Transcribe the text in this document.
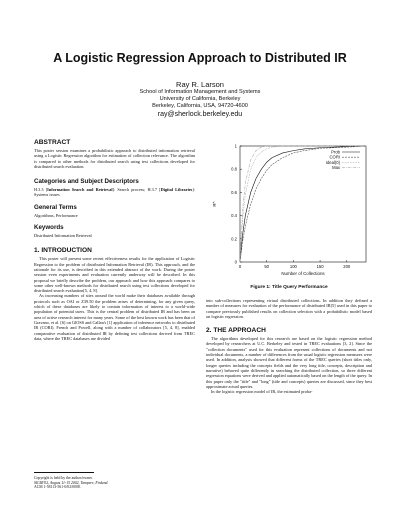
A Logistic Regression Approach to Distributed IR
Ray R. Larson
School of Information Management and Systems
University of California, Berkeley
Berkeley, California, USA, 94720-4600
ray@sherlock.berkeley.edu
ABSTRACT
This poster session examines a probabilistic approach to distributed information retrieval using a Logistic Regression algorithm for estimation of collection relevance. The algorithm is compared to other methods for distributed search using test collections developed for distributed search evaluation.
Categories and Subject Descriptors
H.3.3 [Information Search and Retrieval]: Search process; H.3.7 [Digital Libraries]: Systems issues
General Terms
Algorithms, Performance
Keywords
Distributed Information Retrieval
1. INTRODUCTION
This poster will present some recent effectiveness results for the application of Logistic Regression to the problem of distributed Information Retrieval (IR). This approach, and the rationale for its use, is described in this extended abstract of the work. During the poster session even experiments and evaluation currently underway will be described. In this proposal we briefly describe the problem, our approach and how this approach compares to some other well-known methods for distributed search using test collections developed for distributed search evaluation[5, 4, 8].
As increasing numbers of sites around the world make their databases available through protocols such as OAI or Z39.50 the problem arises of determining, for any given query, which of these databases are likely to contain information of interest to a world-wide population of potential users. This is the central problem of distributed IR and has been an area of active research interest for many years. Some of the best known work has been that of Gravano, et al. [6] on GlOSS and Callan's [1] application of inference networks to distributed IR (CORI). French and Powell, along with a number of collaborators [5, 4, 8], enabled comparative evaluation of distributed IR by defining test collections derived from TREC data, where the TREC databases are divided
Copyright is held by the author/owner.
SIGIR'02, August 11-15 2002, Tampere, Finland.
ACM 1-58113-561-0/02/0008.
0
0.2
0.4
0.6
0.8
1
0	50	100	150	200
Number of Collections
R^
Prob
CORI
Ideal(0)
Max
Figure 1: Title Query Performance
into sub-collections representing virtual distributed collections. In addition they defined a number of measures for evaluation of the performance of distributed IR[5] used in this paper to compare previously published results on collection selection with a probabilistic model based on logistic regression.
2. THE APPROACH
The algorithms developed for this research are based on the logistic regression method developed by researchers at U.C. Berkeley and tested in TREC evaluations [3, 2]. Since the "collection documents" used for this evaluation represent collections of documents and not individual documents, a number of differences from the usual logistic regression measures were used. In addition, analysis showed that different forms of the TREC queries (short titles only, longer queries including the concepts fields and the very long title, concepts, description and narrative) behaved quite differently in searching the distributed collection, so three different regression equations were derived and applied automatically based on the length of the query. In this paper only the "title" and "long" (title and concepts) queries are discussed, since they best approximate actual queries.
In the logistic regression model of IR, the estimated proba-
